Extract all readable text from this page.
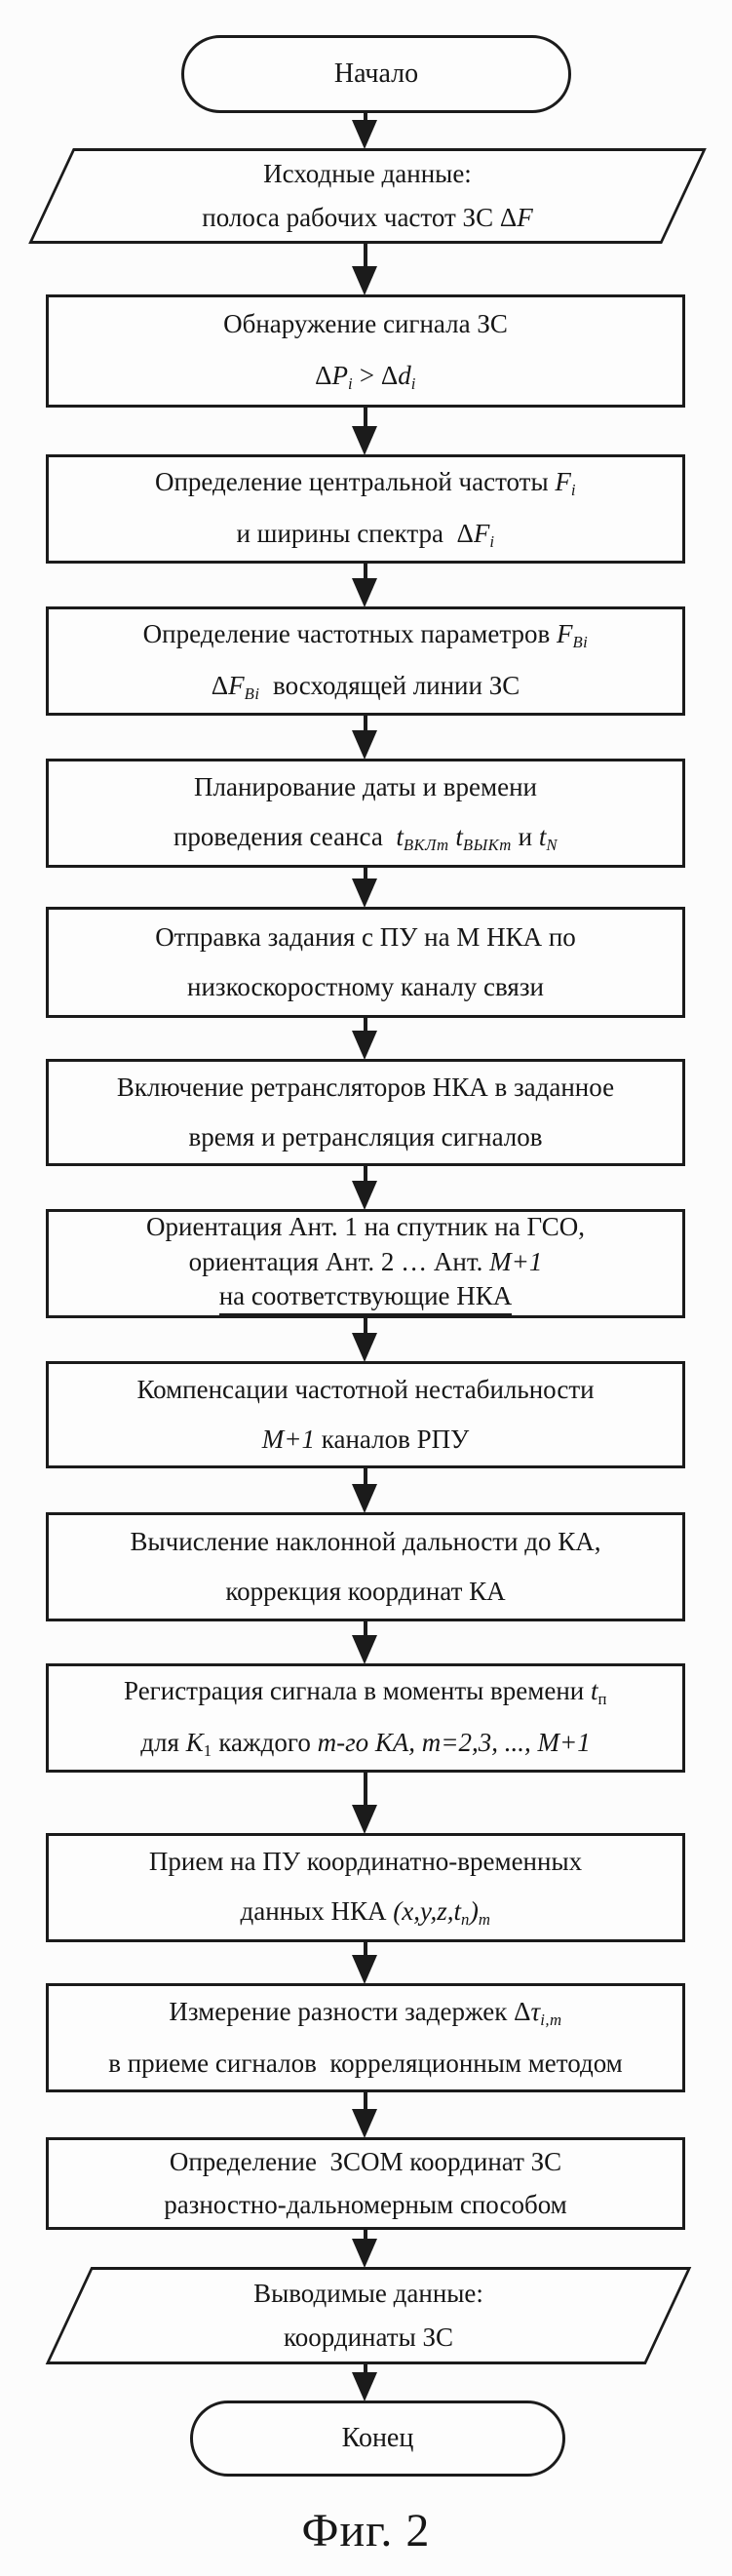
Начало
Исходные данные:
полоса рабочих частот ЗС ΔF
Обнаружение сигнала ЗС
ΔPi > Δdi
Определение центральной частоты Fi
и ширины спектра  ΔFi
Определение частотных параметров FВi
ΔFВi  восходящей линии ЗС
Планирование даты и времени
проведения сеанса  tВКЛm tВЫКm и tN
Отправка задания с ПУ на М НКА по
низкоскоростному каналу связи
Включение ретрансляторов НКА в заданное
время и ретрансляция сигналов
Ориентация Ант. 1 на спутник на ГСО,
ориентация Ант. 2 … Ант. М+1
на соответствующие НКА
Компенсации частотной нестабильности
М+1 каналов РПУ
Вычисление наклонной дальности до КА,
коррекция координат КА
Регистрация сигнала в моменты времени tп
для K1 каждого m-го КА, m=2,3, ..., М+1
Прием на ПУ координатно-временных
данных НКА (x,y,z,tn)m
Измерение разности задержек Δτi,m
в приеме сигналов  корреляционным методом
Определение  ЗСОМ координат ЗС
разностно-дальномерным способом
Выводимые данные:
координаты ЗС
Конец
Фиг. 2
